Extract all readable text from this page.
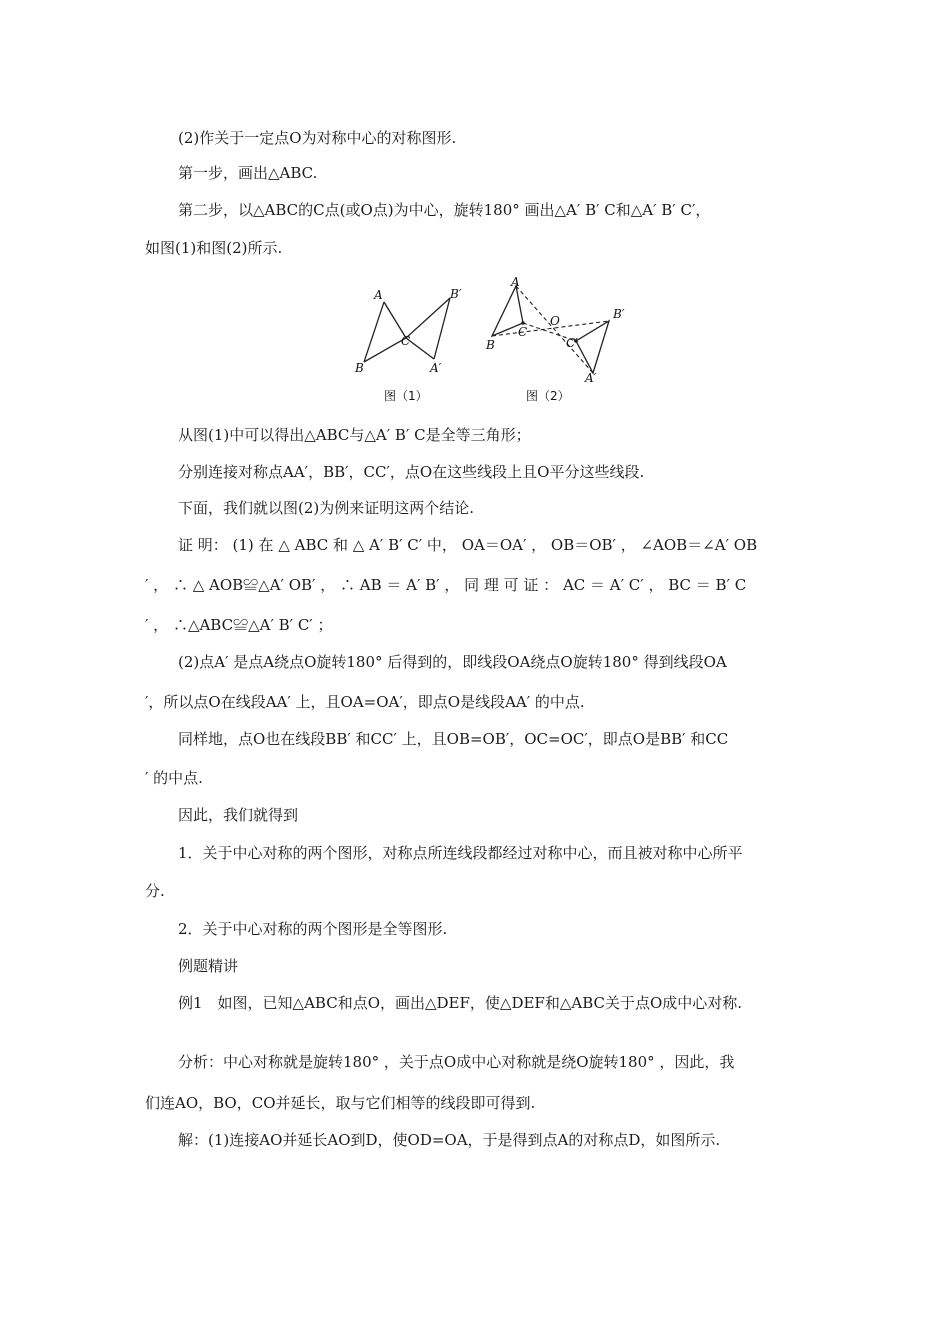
(2)作关于一定点O为对称中心的对称图形.
第一步，画出△ABC.
第二步，以△ABC的C点(或O点)为中心，旋转180° 画出△A′ B′ C和△A′ B′ C′，
如图(1)和图(2)所示.
A	B′
C
B	A′
图（1）
A
O	B′
B
C
C′
A′
图（2）
从图(1)中可以得出△ABC与△A′ B′ C是全等三角形；
分别连接对称点AA′，BB′，CC′，点O在这些线段上且O平分这些线段.
下面，我们就以图(2)为例来证明这两个结论.
证 明： (1) 在 △ ABC 和 △ A′ B′ C′ 中， OA＝OA′ ， OB＝OB′ ， ∠AOB＝∠A′ OB
′ ， ∴ △ AOB≌△A′ OB′ ， ∴ AB ＝ A′ B′ ， 同 理 可 证 ： AC ＝ A′ C′ ， BC ＝ B′ C
′ ， ∴△ABC≌△A′ B′ C′ ；
(2)点A′ 是点A绕点O旋转180° 后得到的，即线段OA绕点O旋转180° 得到线段OA
′，所以点O在线段AA′ 上，且OA=OA′，即点O是线段AA′ 的中点.
同样地，点O也在线段BB′ 和CC′ 上，且OB=OB′，OC=OC′，即点O是BB′ 和CC
′ 的中点.
因此，我们就得到
1．关于中心对称的两个图形，对称点所连线段都经过对称中心，而且被对称中心所平
分.
2．关于中心对称的两个图形是全等图形.
例题精讲
例1　如图，已知△ABC和点O，画出△DEF，使△DEF和△ABC关于点O成中心对称.
分析：中心对称就是旋转180° ，关于点O成中心对称就是绕O旋转180° ，因此，我
们连AO，BO，CO并延长，取与它们相等的线段即可得到.
解：(1)连接AO并延长AO到D，使OD=OA，于是得到点A的对称点D，如图所示.
